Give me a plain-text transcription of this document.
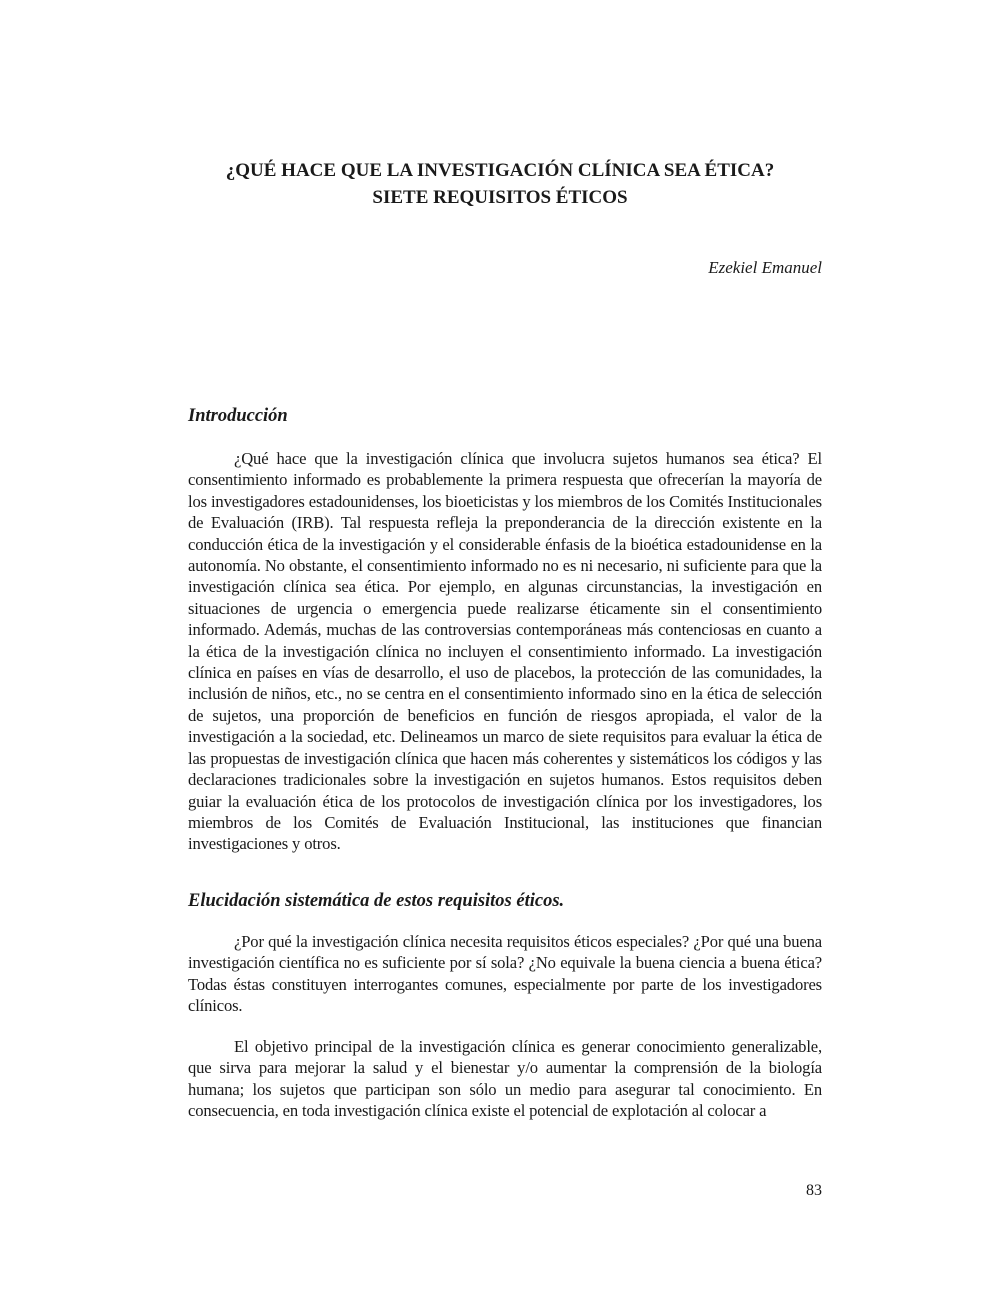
¿QUÉ HACE QUE LA INVESTIGACIÓN CLÍNICA SEA ÉTICA?
SIETE REQUISITOS ÉTICOS
Ezekiel Emanuel
Introducción

¿Qué hace que la investigación clínica que involucra sujetos humanos sea ética? El consentimiento informado es probablemente la primera respuesta que ofrecerían la mayoría de los investigadores estadounidenses, los bioeticistas y los miembros de los Comités Institucionales de Evaluación (IRB). Tal respuesta refleja la preponderancia de la dirección existente en la conducción ética de la investigación y el considerable énfasis de la bioética estadounidense en la autonomía. No obstante, el consentimiento informado no es ni necesario, ni suficiente para que la investigación clínica sea ética. Por ejemplo, en algunas circunstancias, la investigación en situaciones de urgencia o emergencia puede realizarse éticamente sin el consentimiento informado. Además, muchas de las controversias contemporáneas más contenciosas en cuanto a la ética de la investigación clínica no incluyen el consentimiento informado. La investigación clínica en países en vías de desarrollo, el uso de placebos, la protección de las comunidades, la inclusión de niños, etc., no se centra en el consentimiento informado sino en la ética de selección de sujetos, una proporción de beneficios en función de riesgos apropiada, el valor de la investigación a la sociedad, etc. Delineamos un marco de siete requisitos para evaluar la ética de las propuestas de investigación clínica que hacen más coherentes y sistemáticos los códigos y las declaraciones tradicionales sobre la investigación en sujetos humanos. Estos requisitos deben guiar la evaluación ética de los protocolos de investigación clínica por los investigadores, los miembros de los Comités de Evaluación Institucional, las instituciones que financian investigaciones y otros.

Elucidación sistemática de estos requisitos éticos.

¿Por qué la investigación clínica necesita requisitos éticos especiales? ¿Por qué una buena investigación científica no es suficiente por sí sola? ¿No equivale la buena ciencia a buena ética? Todas éstas constituyen interrogantes comunes, especialmente por parte de los investigadores clínicos.

El objetivo principal de la investigación clínica es generar conocimiento generalizable, que sirva para mejorar la salud y el bienestar y/o aumentar la comprensión de la biología humana; los sujetos que participan son sólo un medio para asegurar tal conocimiento. En consecuencia, en toda investigación clínica existe el potencial de explotación al colocar a

83
